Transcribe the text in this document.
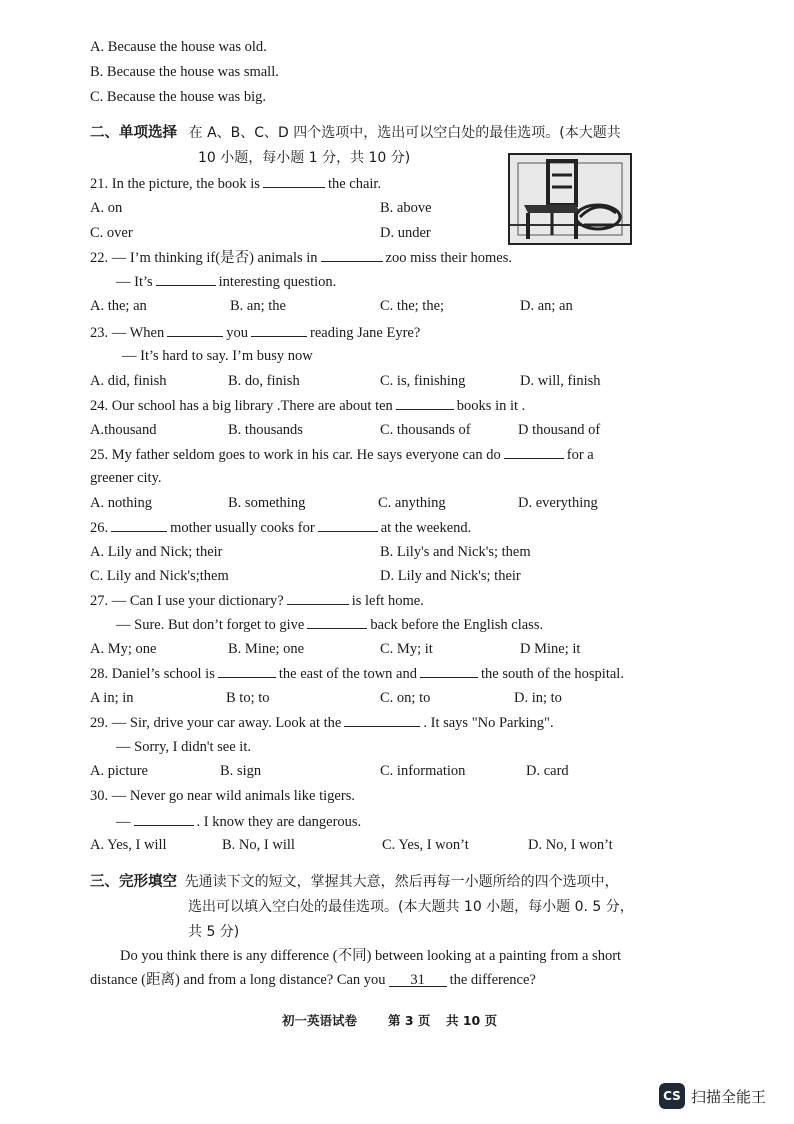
A. Because the house was old.
B. Because the house was small.
C. Because the house was big.
二、单项选择 在 A、B、C、D 四个选项中，选出可以空白处的最佳选项。(本大题共
10 小题，每小题 1 分，共 10 分)
21. In the picture, the book is	the chair.
A. on	B. above
C. over	D. under
22. — I’m thinking if(是否) animals in	zoo miss their homes.
— It’s	interesting question.
A. the; an	B. an; the	C. the; the;	D. an; an
23. — When	you	reading Jane Eyre?
— It’s hard to say. I’m busy now
A. did, finish	B. do, finish	C. is, finishing	D. will, finish
24. Our school has a big library .There are about ten	books in it .
A.thousand	B. thousands	C. thousands of	D thousand of
25. My father seldom goes to work in his car. He says everyone can do	for a
greener city.
A. nothing	B. something	C. anything	D. everything
26.	mother usually cooks for	at the weekend.
A. Lily and Nick; their	B. Lily's and Nick's; them
C. Lily and Nick's;them	D. Lily and Nick's; their
27. — Can I use your dictionary?	is left home.
— Sure. But don’t forget to give	back before the English class.
A. My; one	B. Mine; one	C. My; it	D Mine; it
28. Daniel’s school is	the east of the town and	the south of the hospital.
A in; in	B to; to	C. on; to	D. in; to
29. — Sir, drive your car away. Look at the	. It says "No Parking".
— Sorry, I didn't see it.
A. picture	B. sign	C. information	D. card
30. — Never go near wild animals like tigers.
—	. I know they are dangerous.
A. Yes, I will	B. No, I will	C. Yes, I won’t	D. No, I won’t
三、完形填空 先通读下文的短文，掌握其大意，然后再每一小题所给的四个选项中，
选出可以填入空白处的最佳选项。(本大题共 10 小题，每小题 0. 5 分，
共 5 分)
Do you think there is any difference (不同) between looking at a painting from a short
distance (距离) and from a long distance? Can you 31 the difference?
初一英语试卷 第 3 页 共 10 页
CS 扫描全能王
